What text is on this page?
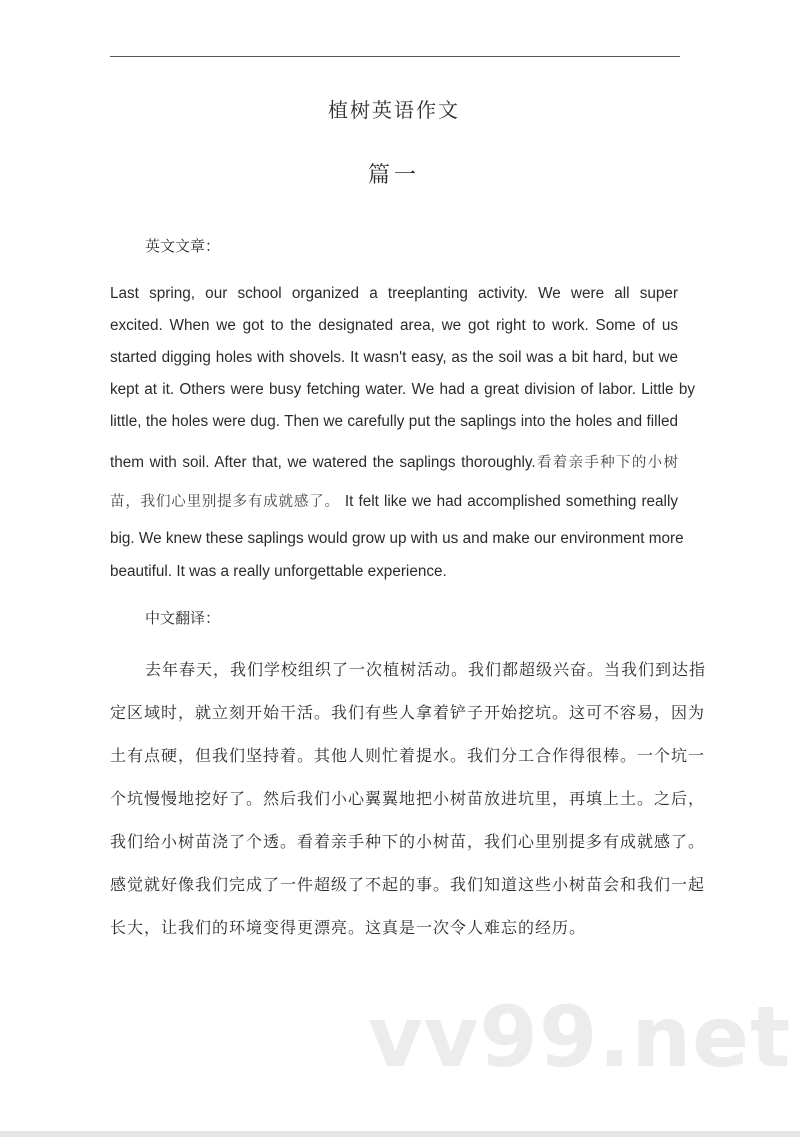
植树英语作文
篇一
英文文章：
Last spring, our school organized a treeplanting activity. We were all super
excited. When we got to the designated area, we got right to work. Some of us
started digging holes with shovels. It wasn't easy, as the soil was a bit hard, but we
kept at it. Others were busy fetching water. We had a great division of labor. Little by
little, the holes were dug. Then we carefully put the saplings into the holes and filled
them with soil. After that, we watered the saplings thoroughly.看着亲手种下的小树
苗，我们心里别提多有成就感了。 It felt like we had accomplished something really
big. We knew these saplings would grow up with us and make our environment more
beautiful. It was a really unforgettable experience.
中文翻译：
去年春天，我们学校组织了一次植树活动。我们都超级兴奋。当我们到达指
定区域时，就立刻开始干活。我们有些人拿着铲子开始挖坑。这可不容易，因为
土有点硬，但我们坚持着。其他人则忙着提水。我们分工合作得很棒。一个坑一
个坑慢慢地挖好了。然后我们小心翼翼地把小树苗放进坑里，再填上土。之后，
我们给小树苗浇了个透。看着亲手种下的小树苗，我们心里别提多有成就感了。
感觉就好像我们完成了一件超级了不起的事。我们知道这些小树苗会和我们一起
长大，让我们的环境变得更漂亮。这真是一次令人难忘的经历。
vv99.net
